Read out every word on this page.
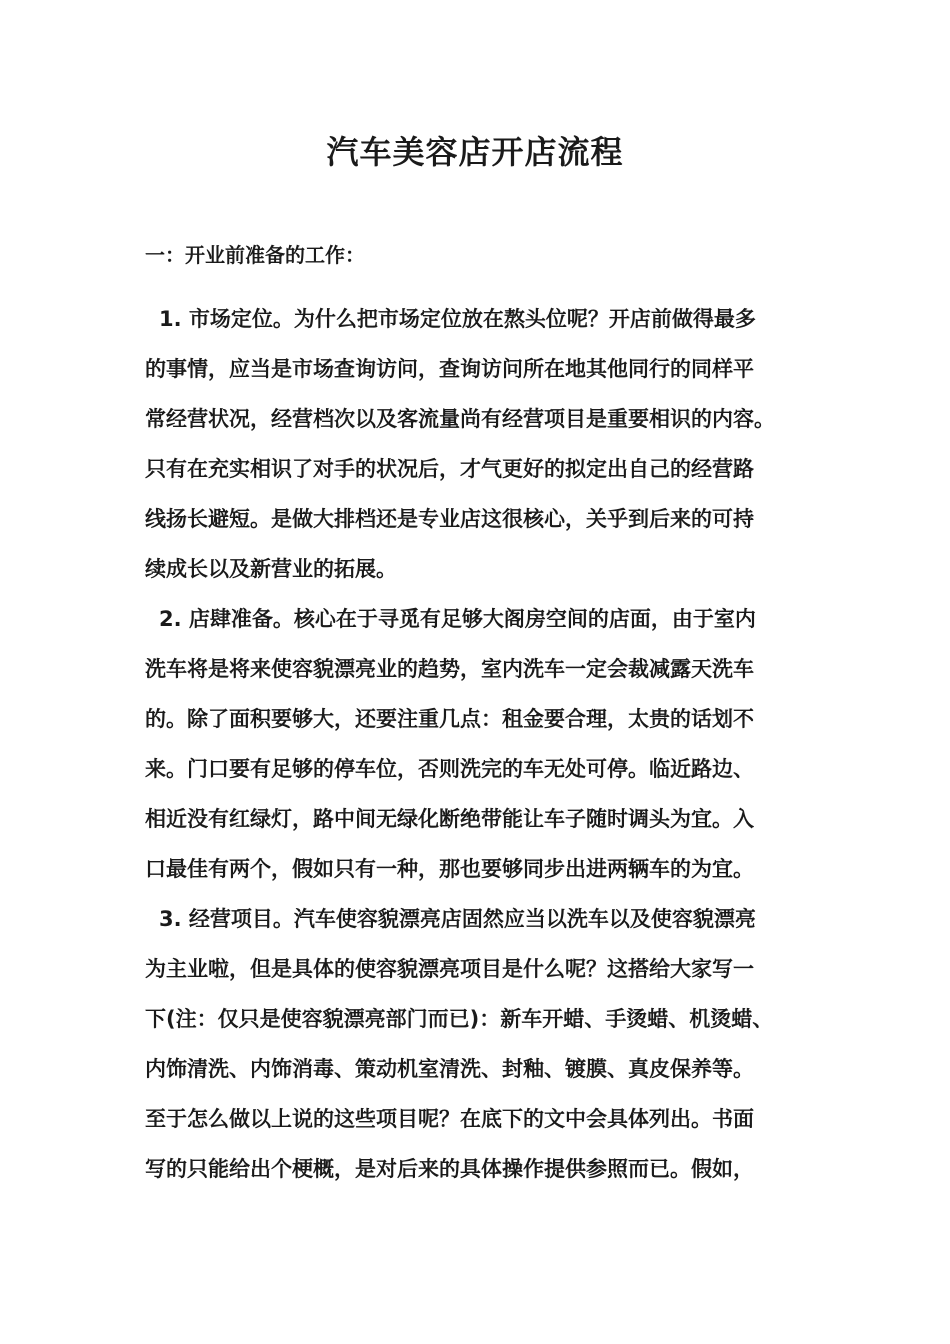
汽车美容店开店流程
一：开业前准备的工作：
1. 市场定位。为什么把市场定位放在熬头位呢？开店前做得最多
的事情，应当是市场查询访问，查询访问所在地其他同行的同样平
常经营状况，经营档次以及客流量尚有经营项目是重要相识的内容。
只有在充实相识了对手的状况后，才气更好的拟定出自己的经营路
线扬长避短。是做大排档还是专业店这很核心，关乎到后来的可持
续成长以及新营业的拓展。
2. 店肆准备。核心在于寻觅有足够大阁房空间的店面，由于室内
洗车将是将来使容貌漂亮业的趋势，室内洗车一定会裁减露天洗车
的。除了面积要够大，还要注重几点：租金要合理，太贵的话划不
来。门口要有足够的停车位，否则洗完的车无处可停。临近路边、
相近没有红绿灯，路中间无绿化断绝带能让车子随时调头为宜。入
口最佳有两个，假如只有一种，那也要够同步出进两辆车的为宜。
3. 经营项目。汽车使容貌漂亮店固然应当以洗车以及使容貌漂亮
为主业啦，但是具体的使容貌漂亮项目是什么呢？这搭给大家写一
下(注：仅只是使容貌漂亮部门而已)：新车开蜡、手烫蜡、机烫蜡、
内饰清洗、内饰消毒、策动机室清洗、封釉、镀膜、真皮保养等。
至于怎么做以上说的这些项目呢？在底下的文中会具体列出。书面
写的只能给出个梗概，是对后来的具体操作提供参照而已。假如，
